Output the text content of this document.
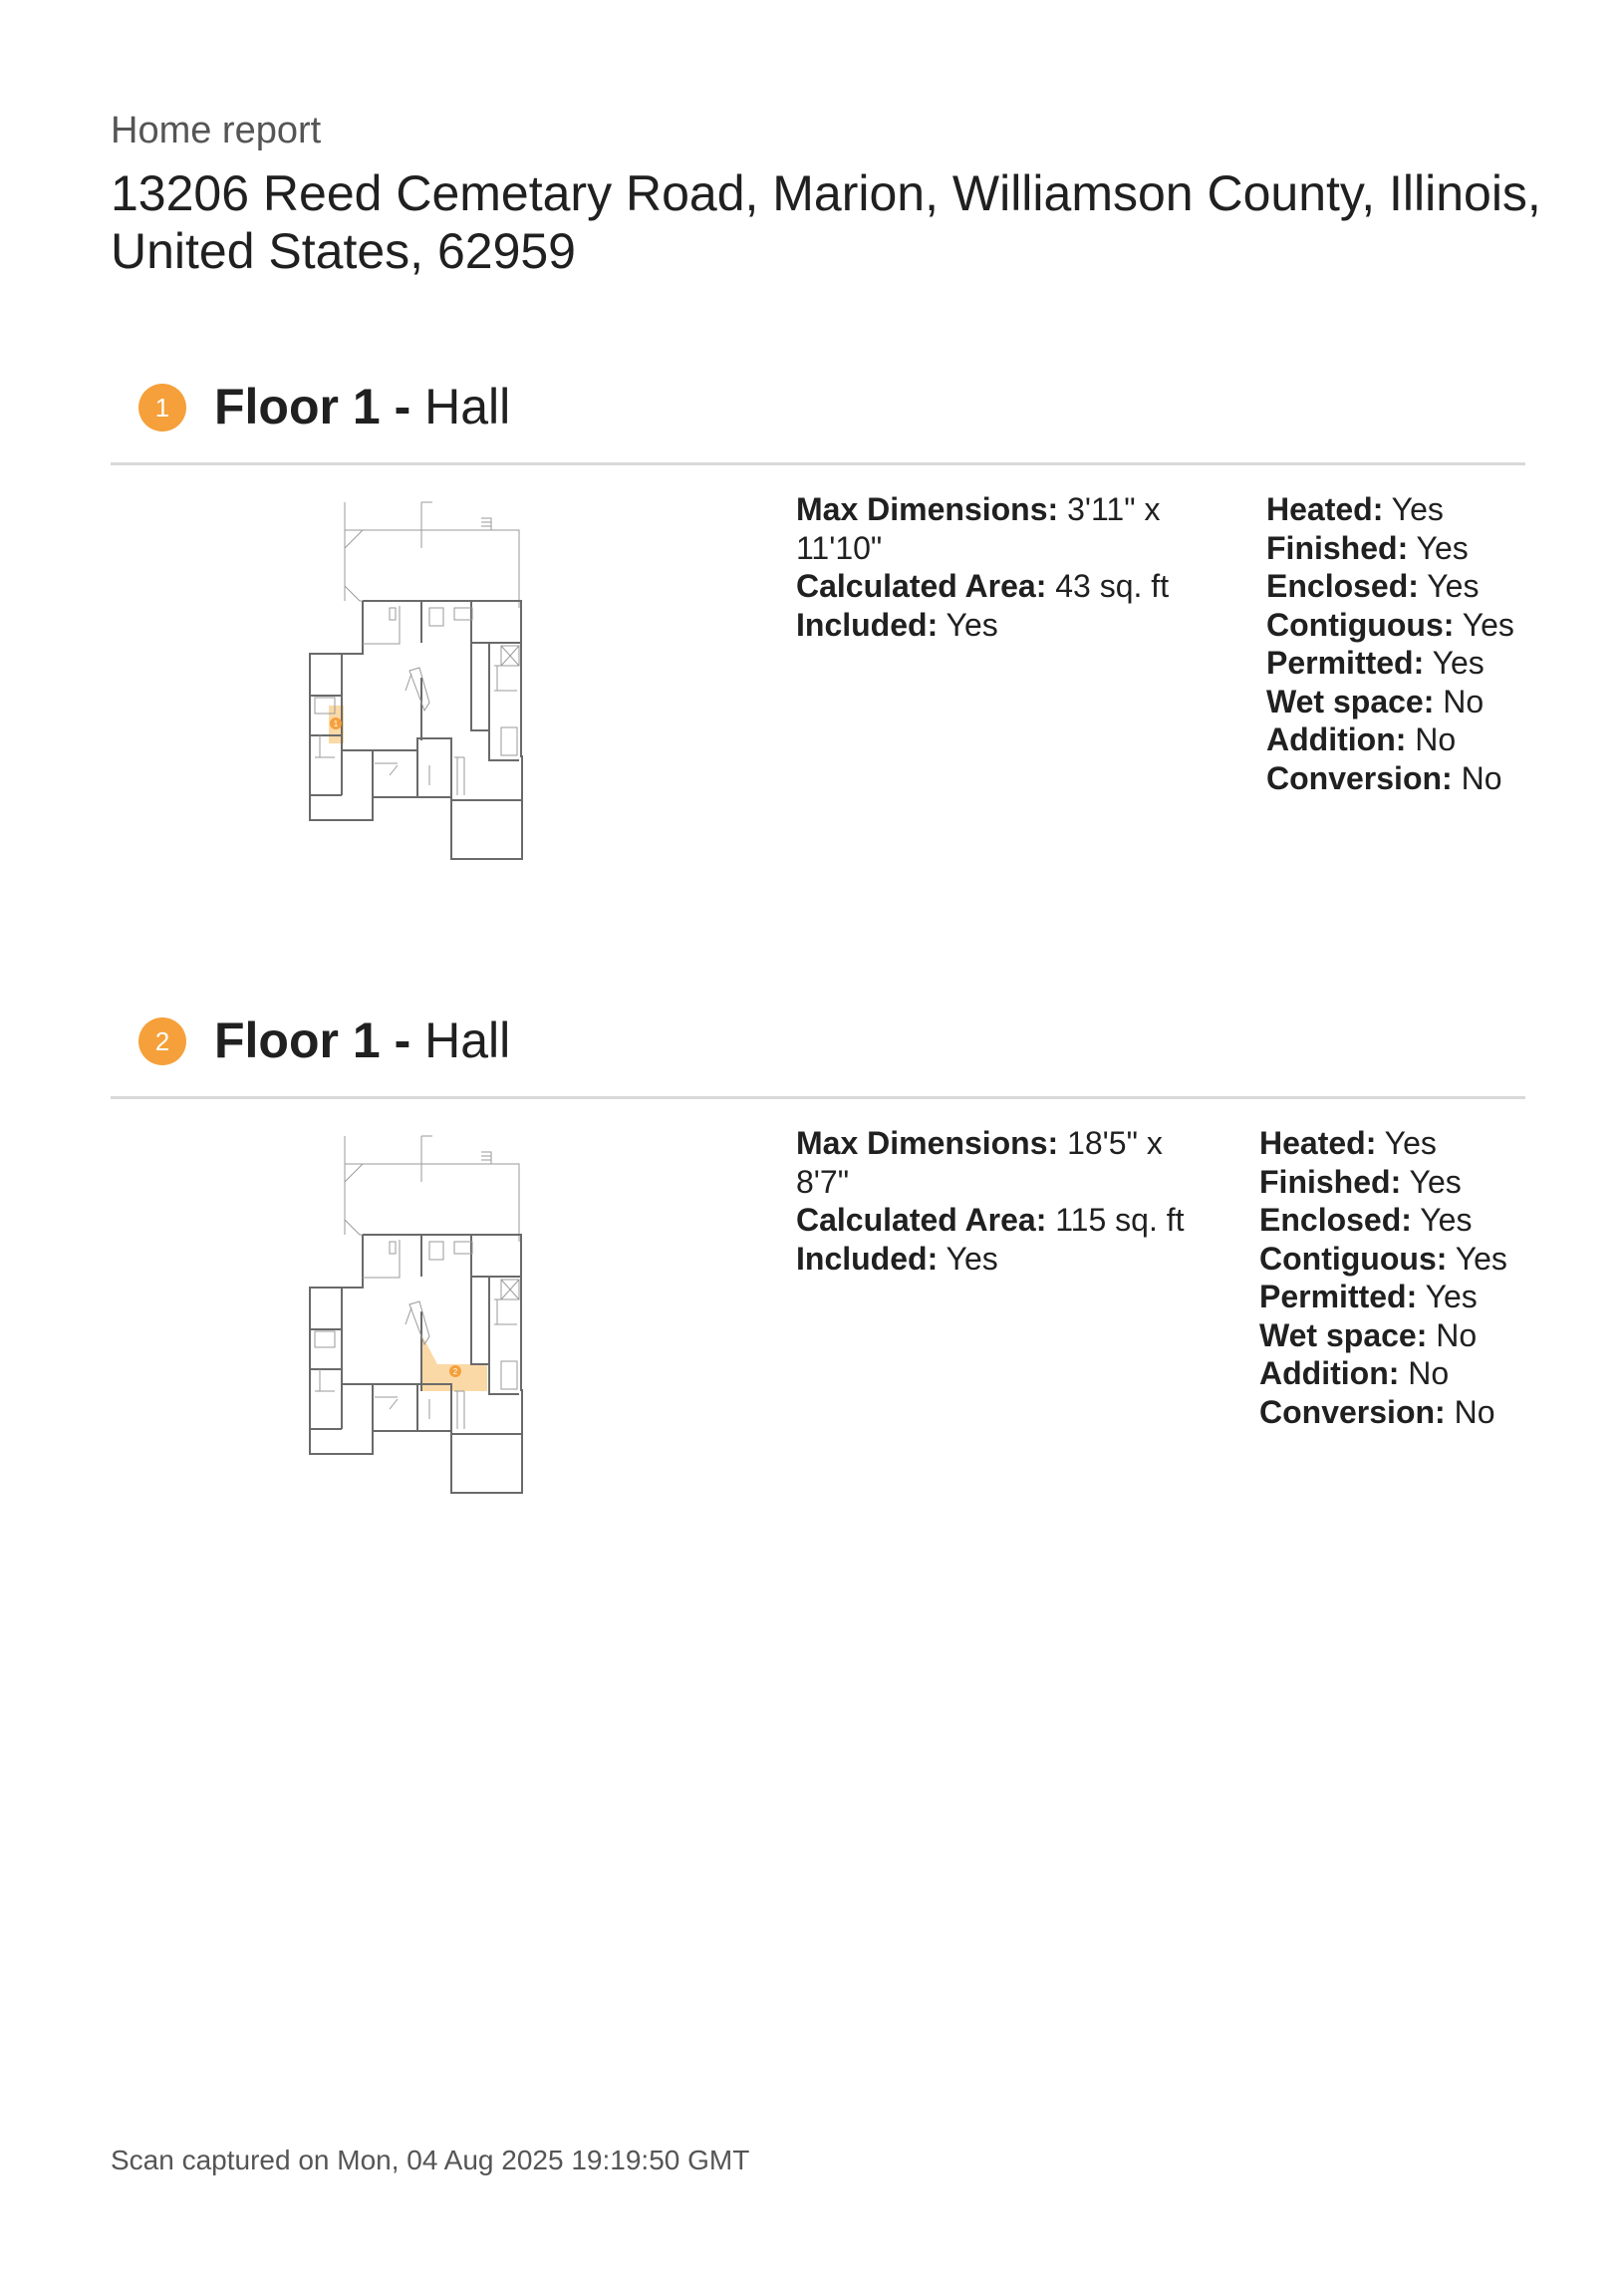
Home report
13206 Reed Cemetary Road, Marion, Williamson County, Illinois, United States, 62959
1 Floor 1 - Hall
1
Max Dimensions: 3'11" x 11'10"
Calculated Area: 43 sq. ft
Included: Yes
Heated: Yes
Finished: Yes
Enclosed: Yes
Contiguous: Yes
Permitted: Yes
Wet space: No
Addition: No
Conversion: No
2 Floor 1 - Hall
2
Max Dimensions: 18'5" x 8'7"
Calculated Area: 115 sq. ft
Included: Yes
Heated: Yes
Finished: Yes
Enclosed: Yes
Contiguous: Yes
Permitted: Yes
Wet space: No
Addition: No
Conversion: No
Scan captured on Mon, 04 Aug 2025 19:19:50 GMT
